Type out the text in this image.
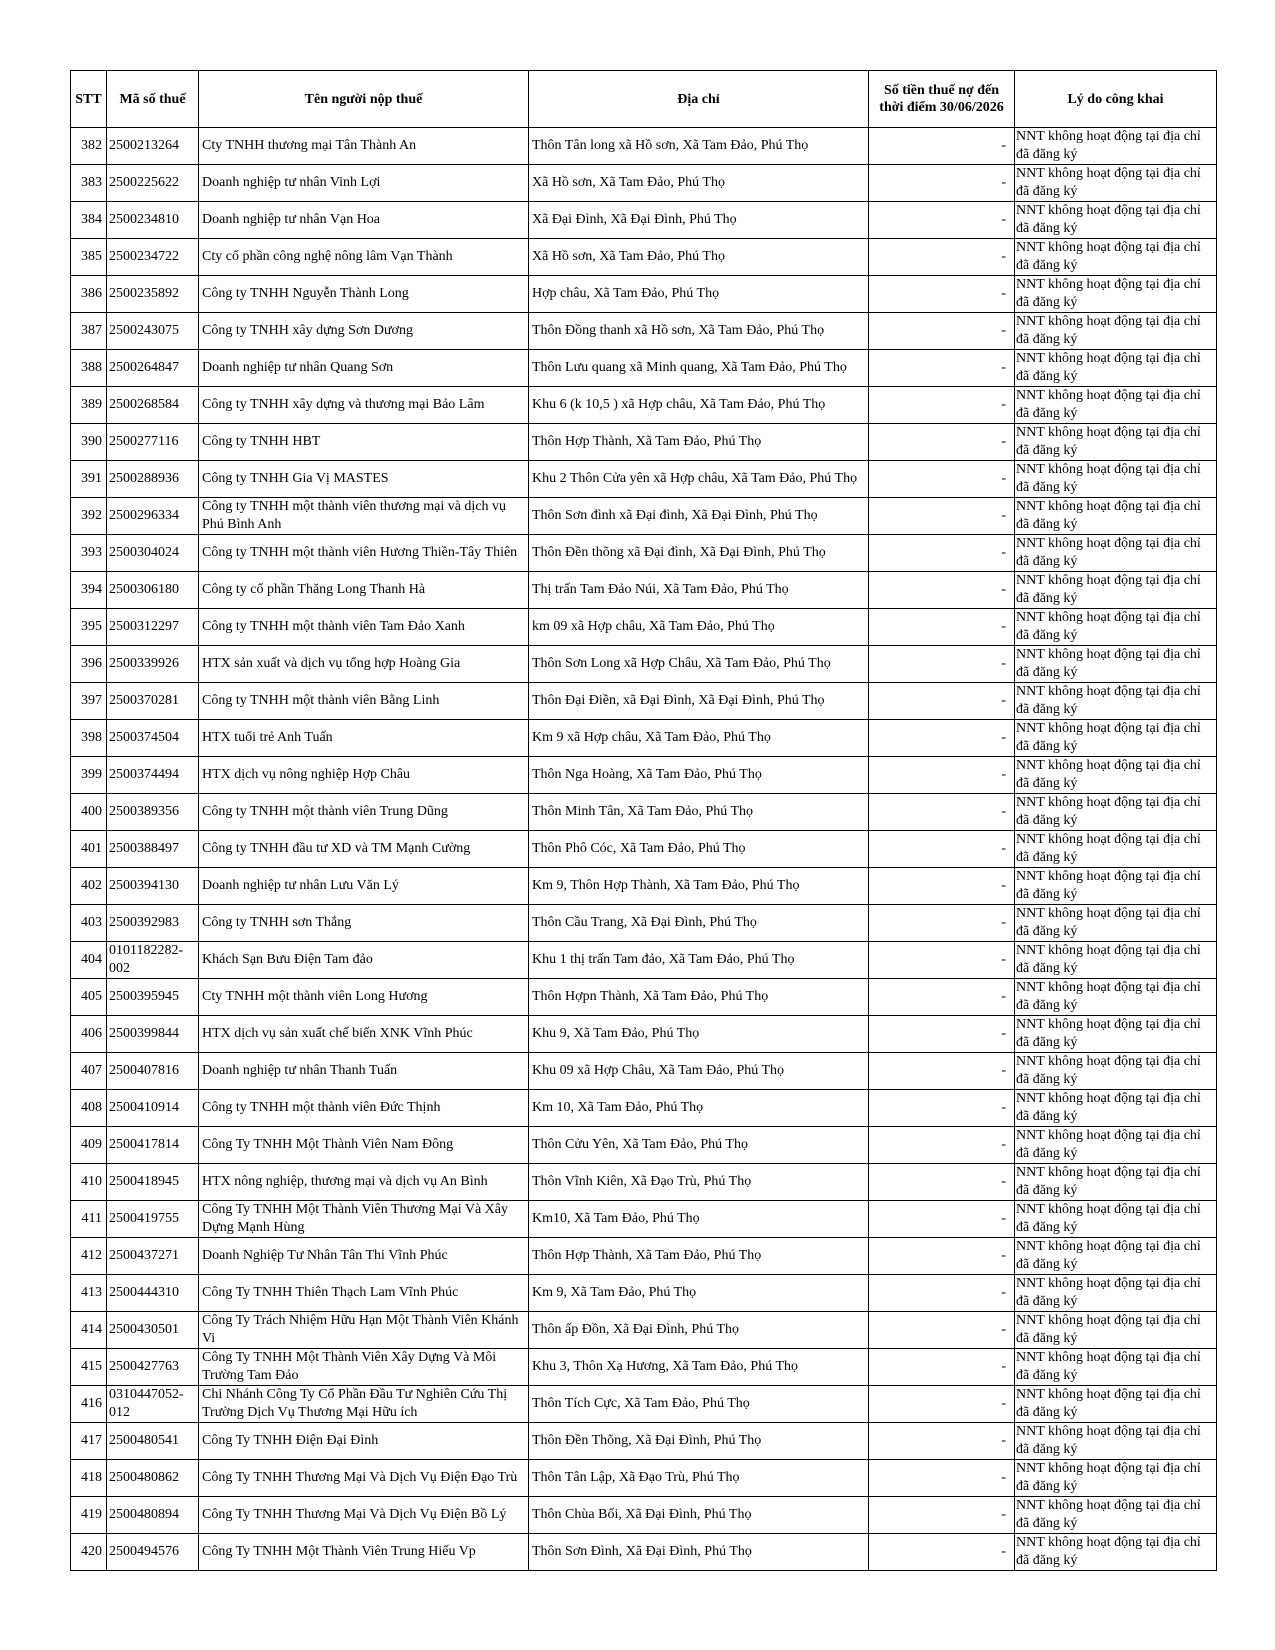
STT	Mã số thuế	Tên người nộp thuế	Địa chỉ	Số tiền thuế nợ đến thời điểm 30/06/2026	Lý do công khai
382	2500213264	Cty TNHH thương mại Tân Thành An	Thôn Tân long xã Hồ sơn, Xã Tam Đảo, Phú Thọ	-	NNT không hoạt động tại địa chỉ đã đăng ký
383	2500225622	Doanh nghiệp tư nhân Vinh Lợi	Xã Hồ sơn, Xã Tam Đảo, Phú Thọ	-	NNT không hoạt động tại địa chỉ đã đăng ký
384	2500234810	Doanh nghiệp tư nhân Vạn Hoa	Xã Đại Đình, Xã Đại Đình, Phú Thọ	-	NNT không hoạt động tại địa chỉ đã đăng ký
385	2500234722	Cty cổ phần công nghệ nông lâm Vạn Thành	Xã Hồ sơn, Xã Tam Đảo, Phú Thọ	-	NNT không hoạt động tại địa chỉ đã đăng ký
386	2500235892	Công ty TNHH Nguyễn Thành Long	Hợp châu, Xã Tam Đảo, Phú Thọ	-	NNT không hoạt động tại địa chỉ đã đăng ký
387	2500243075	Công ty TNHH xây dựng Sơn Dương	Thôn Đồng thanh xã Hồ sơn, Xã Tam Đảo, Phú Thọ	-	NNT không hoạt động tại địa chỉ đã đăng ký
388	2500264847	Doanh nghiệp tư nhân Quang Sơn	Thôn Lưu quang xã Minh quang, Xã Tam Đảo, Phú Thọ	-	NNT không hoạt động tại địa chỉ đã đăng ký
389	2500268584	Công ty TNHH xây dựng và thương mại Bảo Lâm	Khu 6 (k 10,5 ) xã Hợp châu, Xã Tam Đảo, Phú Thọ	-	NNT không hoạt động tại địa chỉ đã đăng ký
390	2500277116	Công ty TNHH HBT	Thôn Hợp Thành, Xã Tam Đảo, Phú Thọ	-	NNT không hoạt động tại địa chỉ đã đăng ký
391	2500288936	Công ty TNHH Gia Vị MASTES	Khu 2 Thôn Cửa yên xã Hợp châu, Xã Tam Đảo, Phú Thọ	-	NNT không hoạt động tại địa chỉ đã đăng ký
392	2500296334	Công ty TNHH một thành viên thương mại và dịch vụ Phú Bình Anh	Thôn Sơn đình xã Đại đình, Xã Đại Đình, Phú Thọ	-	NNT không hoạt động tại địa chỉ đã đăng ký
393	2500304024	Công ty TNHH một thành viên Hương Thiền-Tây Thiên	Thôn Đền thõng xã Đại đình, Xã Đại Đình, Phú Thọ	-	NNT không hoạt động tại địa chỉ đã đăng ký
394	2500306180	Công ty cổ phần Thăng Long Thanh Hà	Thị trấn Tam Đảo Núi, Xã Tam Đảo, Phú Thọ	-	NNT không hoạt động tại địa chỉ đã đăng ký
395	2500312297	Công ty TNHH một thành viên Tam Đảo Xanh	km 09 xã Hợp châu, Xã Tam Đảo, Phú Thọ	-	NNT không hoạt động tại địa chỉ đã đăng ký
396	2500339926	HTX sản xuất và dịch vụ tổng hợp Hoàng Gia	Thôn Sơn Long xã Hợp Châu, Xã Tam Đảo, Phú Thọ	-	NNT không hoạt động tại địa chỉ đã đăng ký
397	2500370281	Công ty TNHH một thành viên Bằng Linh	Thôn Đại Điền, xã Đại Đình, Xã Đại Đình, Phú Thọ	-	NNT không hoạt động tại địa chỉ đã đăng ký
398	2500374504	HTX tuổi trẻ Anh Tuấn	Km 9 xã Hợp châu, Xã Tam Đảo, Phú Thọ	-	NNT không hoạt động tại địa chỉ đã đăng ký
399	2500374494	HTX dịch vụ nông nghiệp Hợp Châu	Thôn Nga Hoàng, Xã Tam Đảo, Phú Thọ	-	NNT không hoạt động tại địa chỉ đã đăng ký
400	2500389356	Công ty TNHH một thành viên Trung Dũng	Thôn Minh Tân, Xã Tam Đảo, Phú Thọ	-	NNT không hoạt động tại địa chỉ đã đăng ký
401	2500388497	Công ty TNHH đầu tư XD và TM Mạnh Cường	Thôn Phô Cóc, Xã Tam Đảo, Phú Thọ	-	NNT không hoạt động tại địa chỉ đã đăng ký
402	2500394130	Doanh nghiệp tư nhân Lưu Văn Lý	Km 9, Thôn Hợp Thành, Xã Tam Đảo, Phú Thọ	-	NNT không hoạt động tại địa chỉ đã đăng ký
403	2500392983	Công ty TNHH sơn Thắng	Thôn Cầu Trang, Xã Đại Đình, Phú Thọ	-	NNT không hoạt động tại địa chỉ đã đăng ký
404	0101182282-002	Khách Sạn Bưu Điện Tam đảo	Khu 1 thị trấn Tam đảo, Xã Tam Đảo, Phú Thọ	-	NNT không hoạt động tại địa chỉ đã đăng ký
405	2500395945	Cty TNHH một thành viên Long Hương	Thôn Hợpn Thành, Xã Tam Đảo, Phú Thọ	-	NNT không hoạt động tại địa chỉ đã đăng ký
406	2500399844	HTX dịch vụ sản xuất chế biến XNK Vĩnh Phúc	Khu 9, Xã Tam Đảo, Phú Thọ	-	NNT không hoạt động tại địa chỉ đã đăng ký
407	2500407816	Doanh nghiệp tư nhân Thanh Tuấn	Khu 09 xã Hợp Châu, Xã Tam Đảo, Phú Thọ	-	NNT không hoạt động tại địa chỉ đã đăng ký
408	2500410914	Công ty TNHH một thành viên Đức Thịnh	Km 10, Xã Tam Đảo, Phú Thọ	-	NNT không hoạt động tại địa chỉ đã đăng ký
409	2500417814	Công Ty TNHH Một Thành Viên Nam Đông	Thôn Cửu Yên, Xã Tam Đảo, Phú Thọ	-	NNT không hoạt động tại địa chỉ đã đăng ký
410	2500418945	HTX nông nghiệp, thương mại và dịch vụ An Bình	Thôn Vĩnh Kiên, Xã Đạo Trù, Phú Thọ	-	NNT không hoạt động tại địa chỉ đã đăng ký
411	2500419755	Công Ty TNHH Một Thành Viên Thương Mại Và Xây Dựng Mạnh Hùng	Km10, Xã Tam Đảo, Phú Thọ	-	NNT không hoạt động tại địa chỉ đã đăng ký
412	2500437271	Doanh Nghiệp Tư Nhân Tân Thi Vĩnh Phúc	Thôn Hợp Thành, Xã Tam Đảo, Phú Thọ	-	NNT không hoạt động tại địa chỉ đã đăng ký
413	2500444310	Công Ty TNHH Thiên Thạch Lam Vĩnh Phúc	Km 9, Xã Tam Đảo, Phú Thọ	-	NNT không hoạt động tại địa chỉ đã đăng ký
414	2500430501	Công Ty Trách Nhiệm Hữu Hạn Một Thành Viên Khánh Vi	Thôn ấp Đồn, Xã Đại Đình, Phú Thọ	-	NNT không hoạt động tại địa chỉ đã đăng ký
415	2500427763	Công Ty TNHH Một Thành Viên Xây Dựng Và Môi Trường Tam Đảo	Khu 3, Thôn Xạ Hương, Xã Tam Đảo, Phú Thọ	-	NNT không hoạt động tại địa chỉ đã đăng ký
416	0310447052-012	Chi Nhánh Công Ty Cổ Phần Đầu Tư Nghiên Cứu Thị Trường Dịch Vụ Thương Mại Hữu ích	Thôn Tích Cực, Xã Tam Đảo, Phú Thọ	-	NNT không hoạt động tại địa chỉ đã đăng ký
417	2500480541	Công Ty TNHH Điện Đại Đình	Thôn Đền Thõng, Xã Đại Đình, Phú Thọ	-	NNT không hoạt động tại địa chỉ đã đăng ký
418	2500480862	Công Ty TNHH Thương Mại Và Dịch Vụ Điện Đạo Trù	Thôn Tân Lập, Xã Đạo Trù, Phú Thọ	-	NNT không hoạt động tại địa chỉ đã đăng ký
419	2500480894	Công Ty TNHH Thương Mại Và Dịch Vụ Điện Bồ Lý	Thôn Chùa Bối, Xã Đại Đình, Phú Thọ	-	NNT không hoạt động tại địa chỉ đã đăng ký
420	2500494576	Công Ty TNHH Một Thành Viên Trung Hiếu Vp	Thôn Sơn Đình, Xã Đại Đình, Phú Thọ	-	NNT không hoạt động tại địa chỉ đã đăng ký
